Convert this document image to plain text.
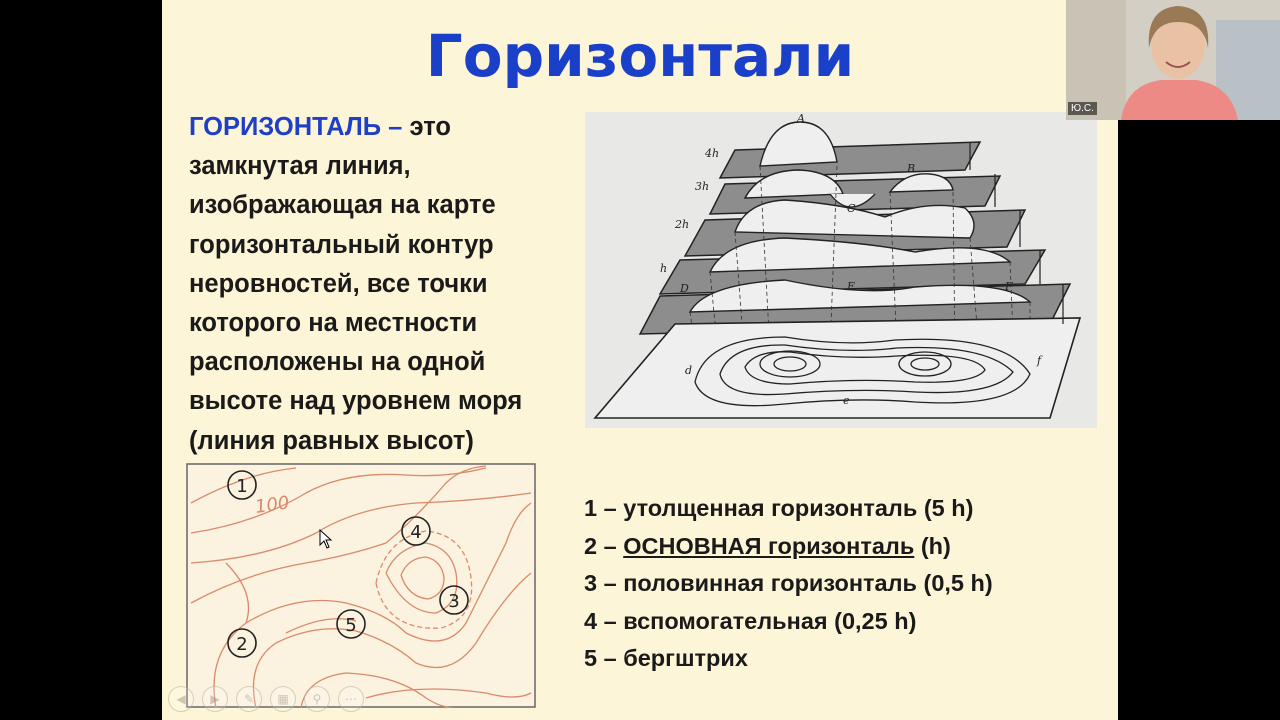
Горизонтали
ГОРИЗОНТАЛЬ – это замкнутая линия, изображающая на карте горизонтальный контур неровностей, все точки которого на местности расположены на одной высоте над уровнем моря (линия равных высот)
4h
3h
2h
h
A
B
C
D	E	F
d
f
e
100
1
2
3
4
5
1 – утолщенная горизонталь (5 h)
2 – ОСНОВНАЯ горизонталь (h)
3 – половинная горизонталь (0,5 h)
4 – вспомогательная (0,25 h)
5 – бергштрих
◀	▶	✎	▦	⚲	⋯
Ю.С.
